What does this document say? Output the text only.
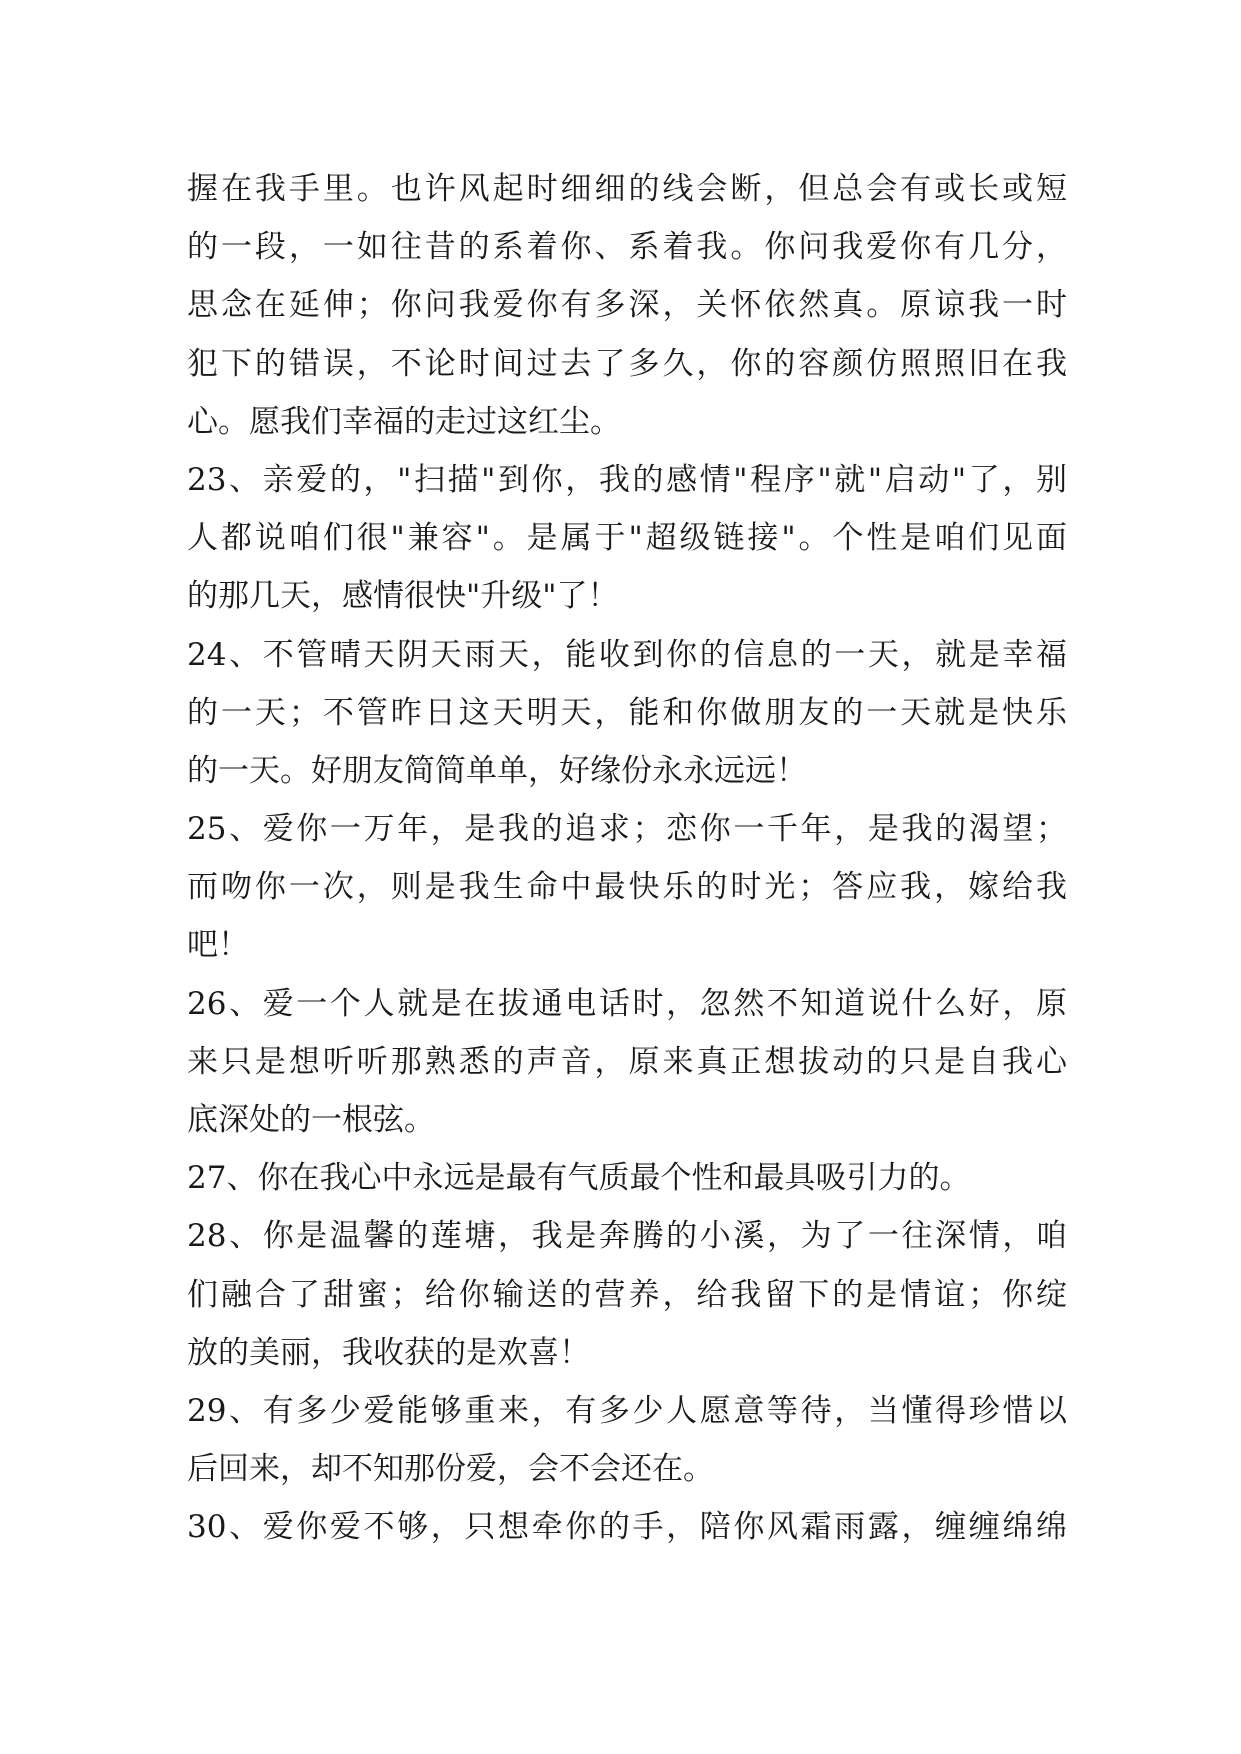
握在我手里。也许风起时细细的线会断，但总会有或长或短
的一段，一如往昔的系着你、系着我。你问我爱你有几分，
思念在延伸；你问我爱你有多深，关怀依然真。原谅我一时
犯下的错误，不论时间过去了多久，你的容颜仿照照旧在我
心。愿我们幸福的走过这红尘。
23、亲爱的，"扫描"到你，我的感情"程序"就"启动"了，别
人都说咱们很"兼容"。是属于"超级链接"。个性是咱们见面
的那几天，感情很快"升级"了！
24、不管晴天阴天雨天，能收到你的信息的一天，就是幸福
的一天；不管昨日这天明天，能和你做朋友的一天就是快乐
的一天。好朋友简简单单，好缘份永永远远！
25、爱你一万年，是我的追求；恋你一千年，是我的渴望；
而吻你一次，则是我生命中最快乐的时光；答应我，嫁给我
吧！
26、爱一个人就是在拔通电话时，忽然不知道说什么好，原
来只是想听听那熟悉的声音，原来真正想拔动的只是自我心
底深处的一根弦。
27、你在我心中永远是最有气质最个性和最具吸引力的。
28、你是温馨的莲塘，我是奔腾的小溪，为了一往深情，咱
们融合了甜蜜；给你输送的营养，给我留下的是情谊；你绽
放的美丽，我收获的是欢喜！
29、有多少爱能够重来，有多少人愿意等待，当懂得珍惜以
后回来，却不知那份爱，会不会还在。
30、爱你爱不够，只想牵你的手，陪你风霜雨露，缠缠绵绵
